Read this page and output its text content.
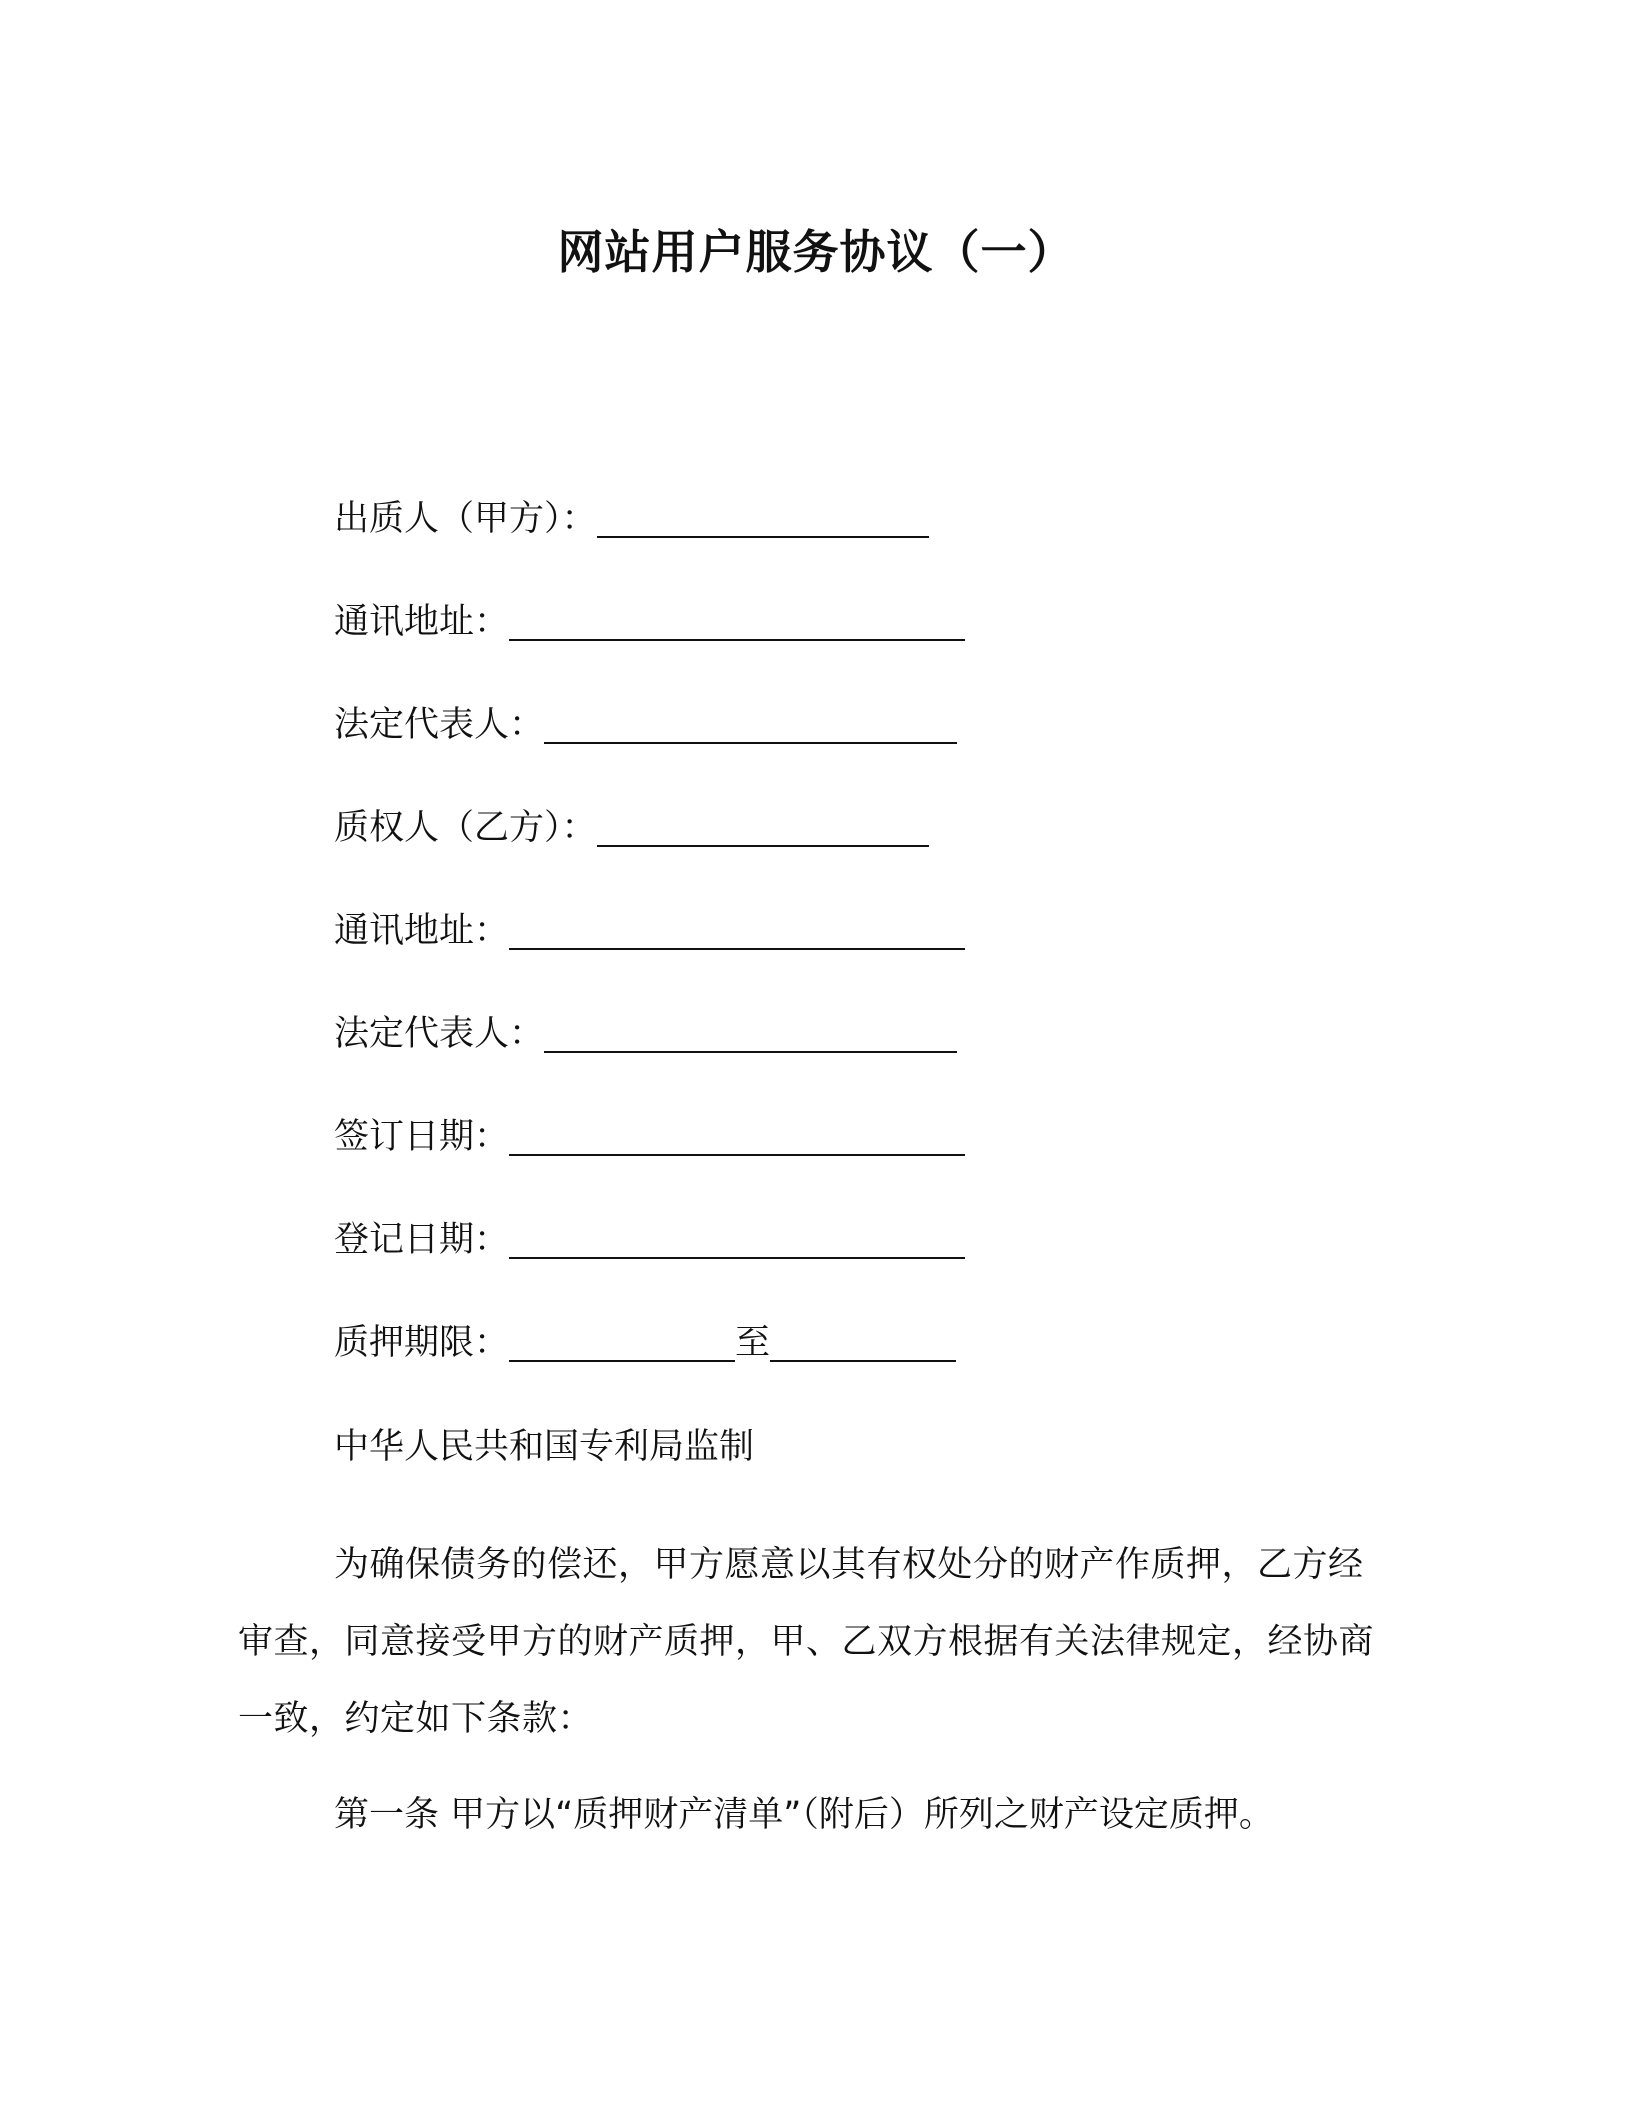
网站用户服务协议（一）
出质人（甲方）：
通讯地址：
法定代表人：
质权人（乙方）：
通讯地址：
法定代表人：
签订日期：
登记日期：
质押期限：	至
中华人民共和国专利局监制

为确保债务的偿还，甲方愿意以其有权处分的财产作质押，乙方经审查，同意接受甲方的财产质押，甲、乙双方根据有关法律规定，经协商一致，约定如下条款：

第一条 甲方以“质押财产清单”（附后）所列之财产设定质押。
